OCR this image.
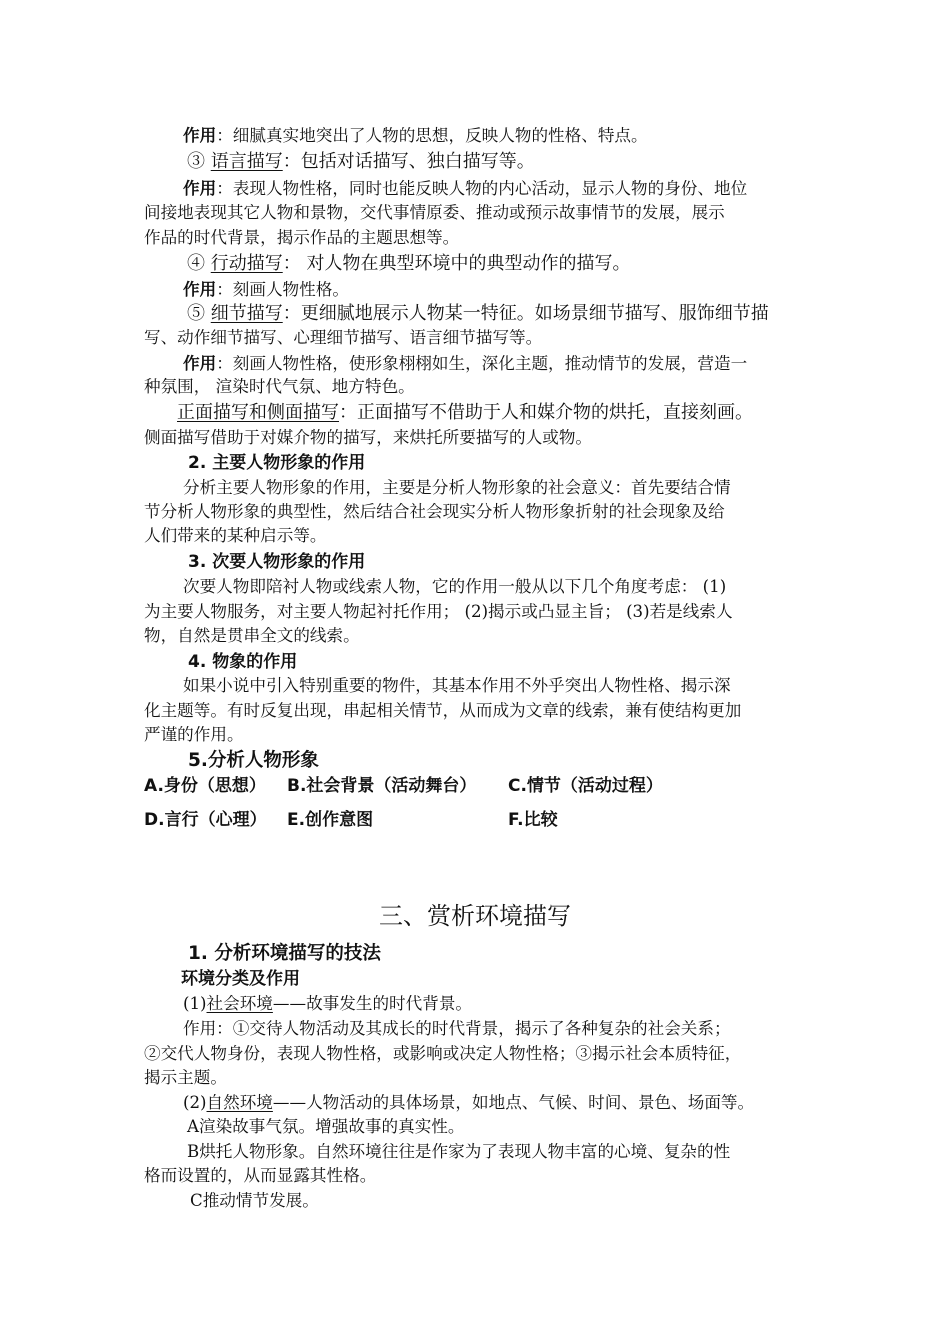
作用：细腻真实地突出了人物的思想，反映人物的性格、特点。
③ 语言描写：包括对话描写、独白描写等。
作用：表现人物性格，同时也能反映人物的内心活动，显示人物的身份、地位
间接地表现其它人物和景物，交代事情原委、推动或预示故事情节的发展，展示
作品的时代背景，揭示作品的主题思想等。
④ 行动描写： 对人物在典型环境中的典型动作的描写。
作用：刻画人物性格。
⑤ 细节描写：更细腻地展示人物某一特征。如场景细节描写、服饰细节描
写、动作细节描写、心理细节描写、语言细节描写等。
作用：刻画人物性格，使形象栩栩如生，深化主题，推动情节的发展，营造一
种氛围， 渲染时代气氛、地方特色。
正面描写和侧面描写：正面描写不借助于人和媒介物的烘托，直接刻画。
侧面描写借助于对媒介物的描写，来烘托所要描写的人或物。
2. 主要人物形象的作用
分析主要人物形象的作用，主要是分析人物形象的社会意义：首先要结合情
节分析人物形象的典型性，然后结合社会现实分析人物形象折射的社会现象及给
人们带来的某种启示等。
3. 次要人物形象的作用
次要人物即陪衬人物或线索人物，它的作用一般从以下几个角度考虑： (1)
为主要人物服务，对主要人物起衬托作用； (2)揭示或凸显主旨； (3)若是线索人
物，自然是贯串全文的线索。
4. 物象的作用
如果小说中引入特别重要的物件，其基本作用不外乎突出人物性格、揭示深
化主题等。有时反复出现，串起相关情节，从而成为文章的线索，兼有使结构更加
严谨的作用。
5.分析人物形象
A.身份（思想） B.社会背景（活动舞台） C.情节（活动过程）
D.言行（心理） E.创作意图	F.比较
三、赏析环境描写
1. 分析环境描写的技法
环境分类及作用
(1)社会环境——故事发生的时代背景。
作用：①交待人物活动及其成长的时代背景，揭示了各种复杂的社会关系；
②交代人物身份，表现人物性格，或影响或决定人物性格；③揭示社会本质特征，
揭示主题。
(2)自然环境——人物活动的具体场景，如地点、气候、时间、景色、场面等。
A渲染故事气氛。增强故事的真实性。
B烘托人物形象。自然环境往往是作家为了表现人物丰富的心境、复杂的性
格而设置的，从而显露其性格。
C推动情节发展。
